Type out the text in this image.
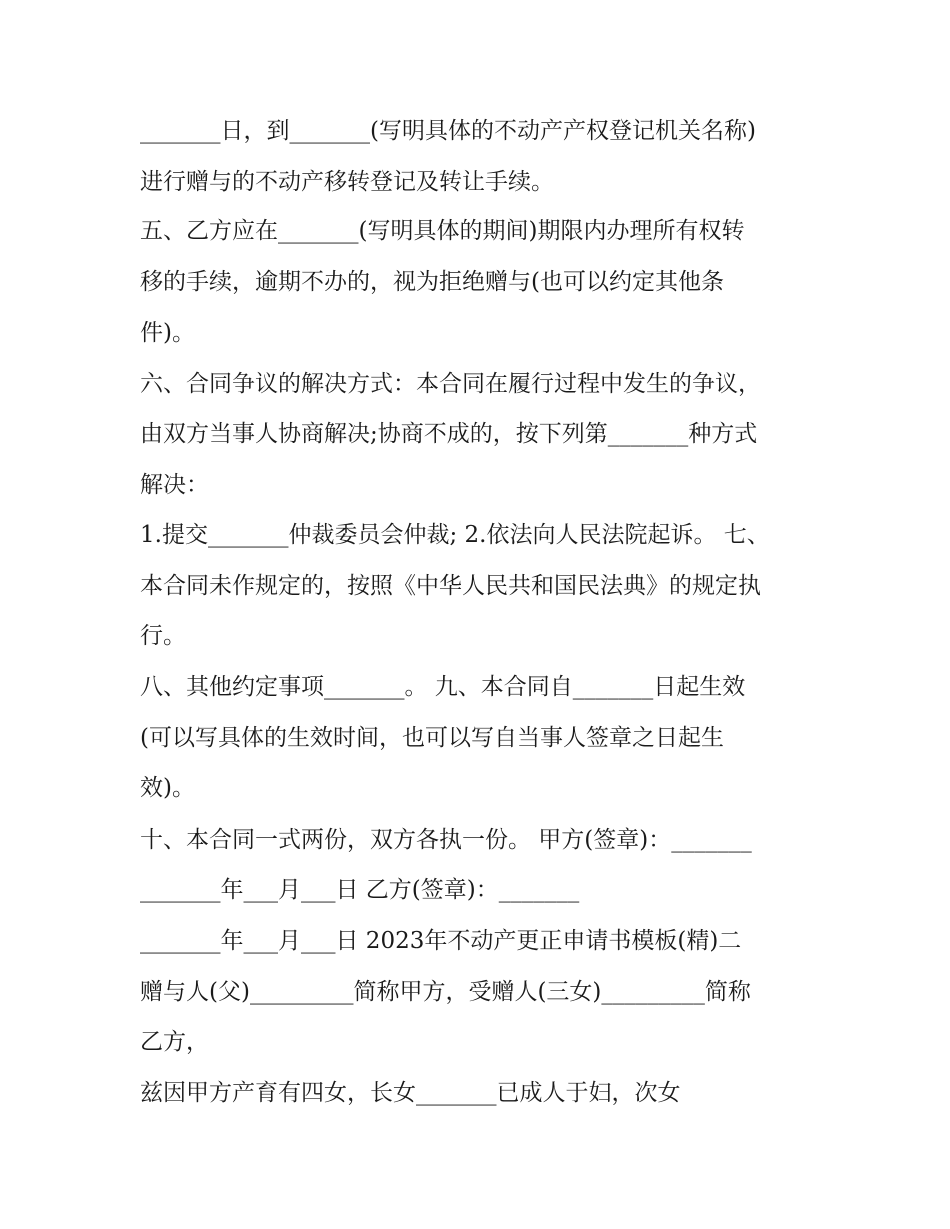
_______日，到_______(写明具体的不动产产权登记机关名称)
进行赠与的不动产移转登记及转让手续。
五、乙方应在_______(写明具体的期间)期限内办理所有权转
移的手续，逾期不办的，视为拒绝赠与(也可以约定其他条
件)。
六、合同争议的解决方式：本合同在履行过程中发生的争议，
由双方当事人协商解决;协商不成的，按下列第_______种方式
解决：
1.提交_______仲裁委员会仲裁; 2.依法向人民法院起诉。 七、
本合同未作规定的，按照《中华人民共和国民法典》的规定执
行。
八、其他约定事项_______。 九、本合同自_______日起生效
(可以写具体的生效时间，也可以写自当事人签章之日起生
效)。
十、本合同一式两份，双方各执一份。 甲方(签章)：_______
_______年___月___日 乙方(签章)：_______
_______年___月___日 2023年不动产更正申请书模板(精)二
赠与人(父)_________简称甲方，受赠人(三女)_________简称
乙方，
兹因甲方产育有四女，长女_______已成人于妇，次女
